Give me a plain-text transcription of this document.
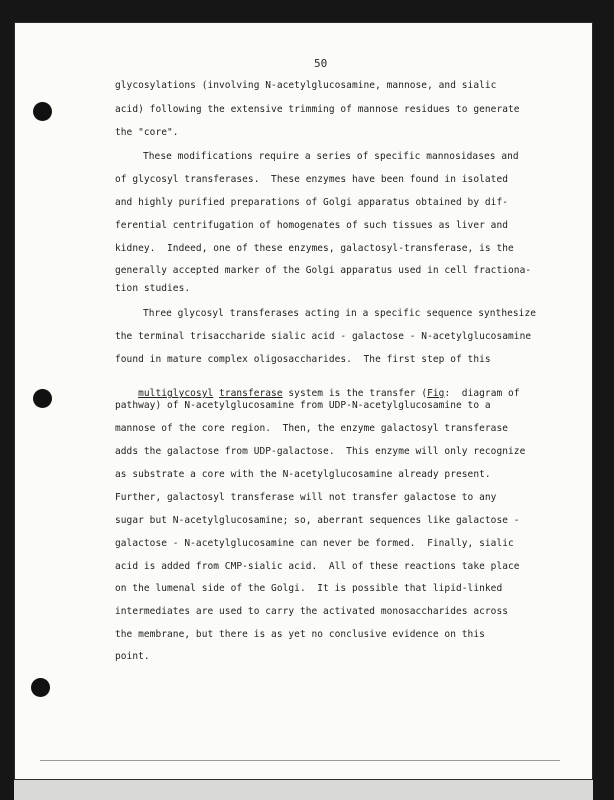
50
glycosylations (involving N-acetylglucosamine, mannose, and sialic
acid) following the extensive trimming of mannose residues to generate
the "core".
These modifications require a series of specific mannosidases and
of glycosyl transferases.  These enzymes have been found in isolated
and highly purified preparations of Golgi apparatus obtained by dif-
ferential centrifugation of homogenates of such tissues as liver and
kidney.  Indeed, one of these enzymes, galactosyl-transferase, is the
generally accepted marker of the Golgi apparatus used in cell fractiona-
tion studies.
Three glycosyl transferases acting in a specific sequence synthesize
the terminal trisaccharide sialic acid - galactose - N-acetylglucosamine
found in mature complex oligosaccharides.  The first step of this

multiglycosyl transferase system is the transfer (Fig:  diagram of

pathway) of N-acetylglucosamine from UDP-N-acetylglucosamine to a
mannose of the core region.  Then, the enzyme galactosyl transferase
adds the galactose from UDP-galactose.  This enzyme will only recognize
as substrate a core with the N-acetylglucosamine already present.
Further, galactosyl transferase will not transfer galactose to any
sugar but N-acetylglucosamine; so, aberrant sequences like galactose -
galactose - N-acetylglucosamine can never be formed.  Finally, sialic
acid is added from CMP-sialic acid.  All of these reactions take place
on the lumenal side of the Golgi.  It is possible that lipid-linked
intermediates are used to carry the activated monosaccharides across
the membrane, but there is as yet no conclusive evidence on this
point.
